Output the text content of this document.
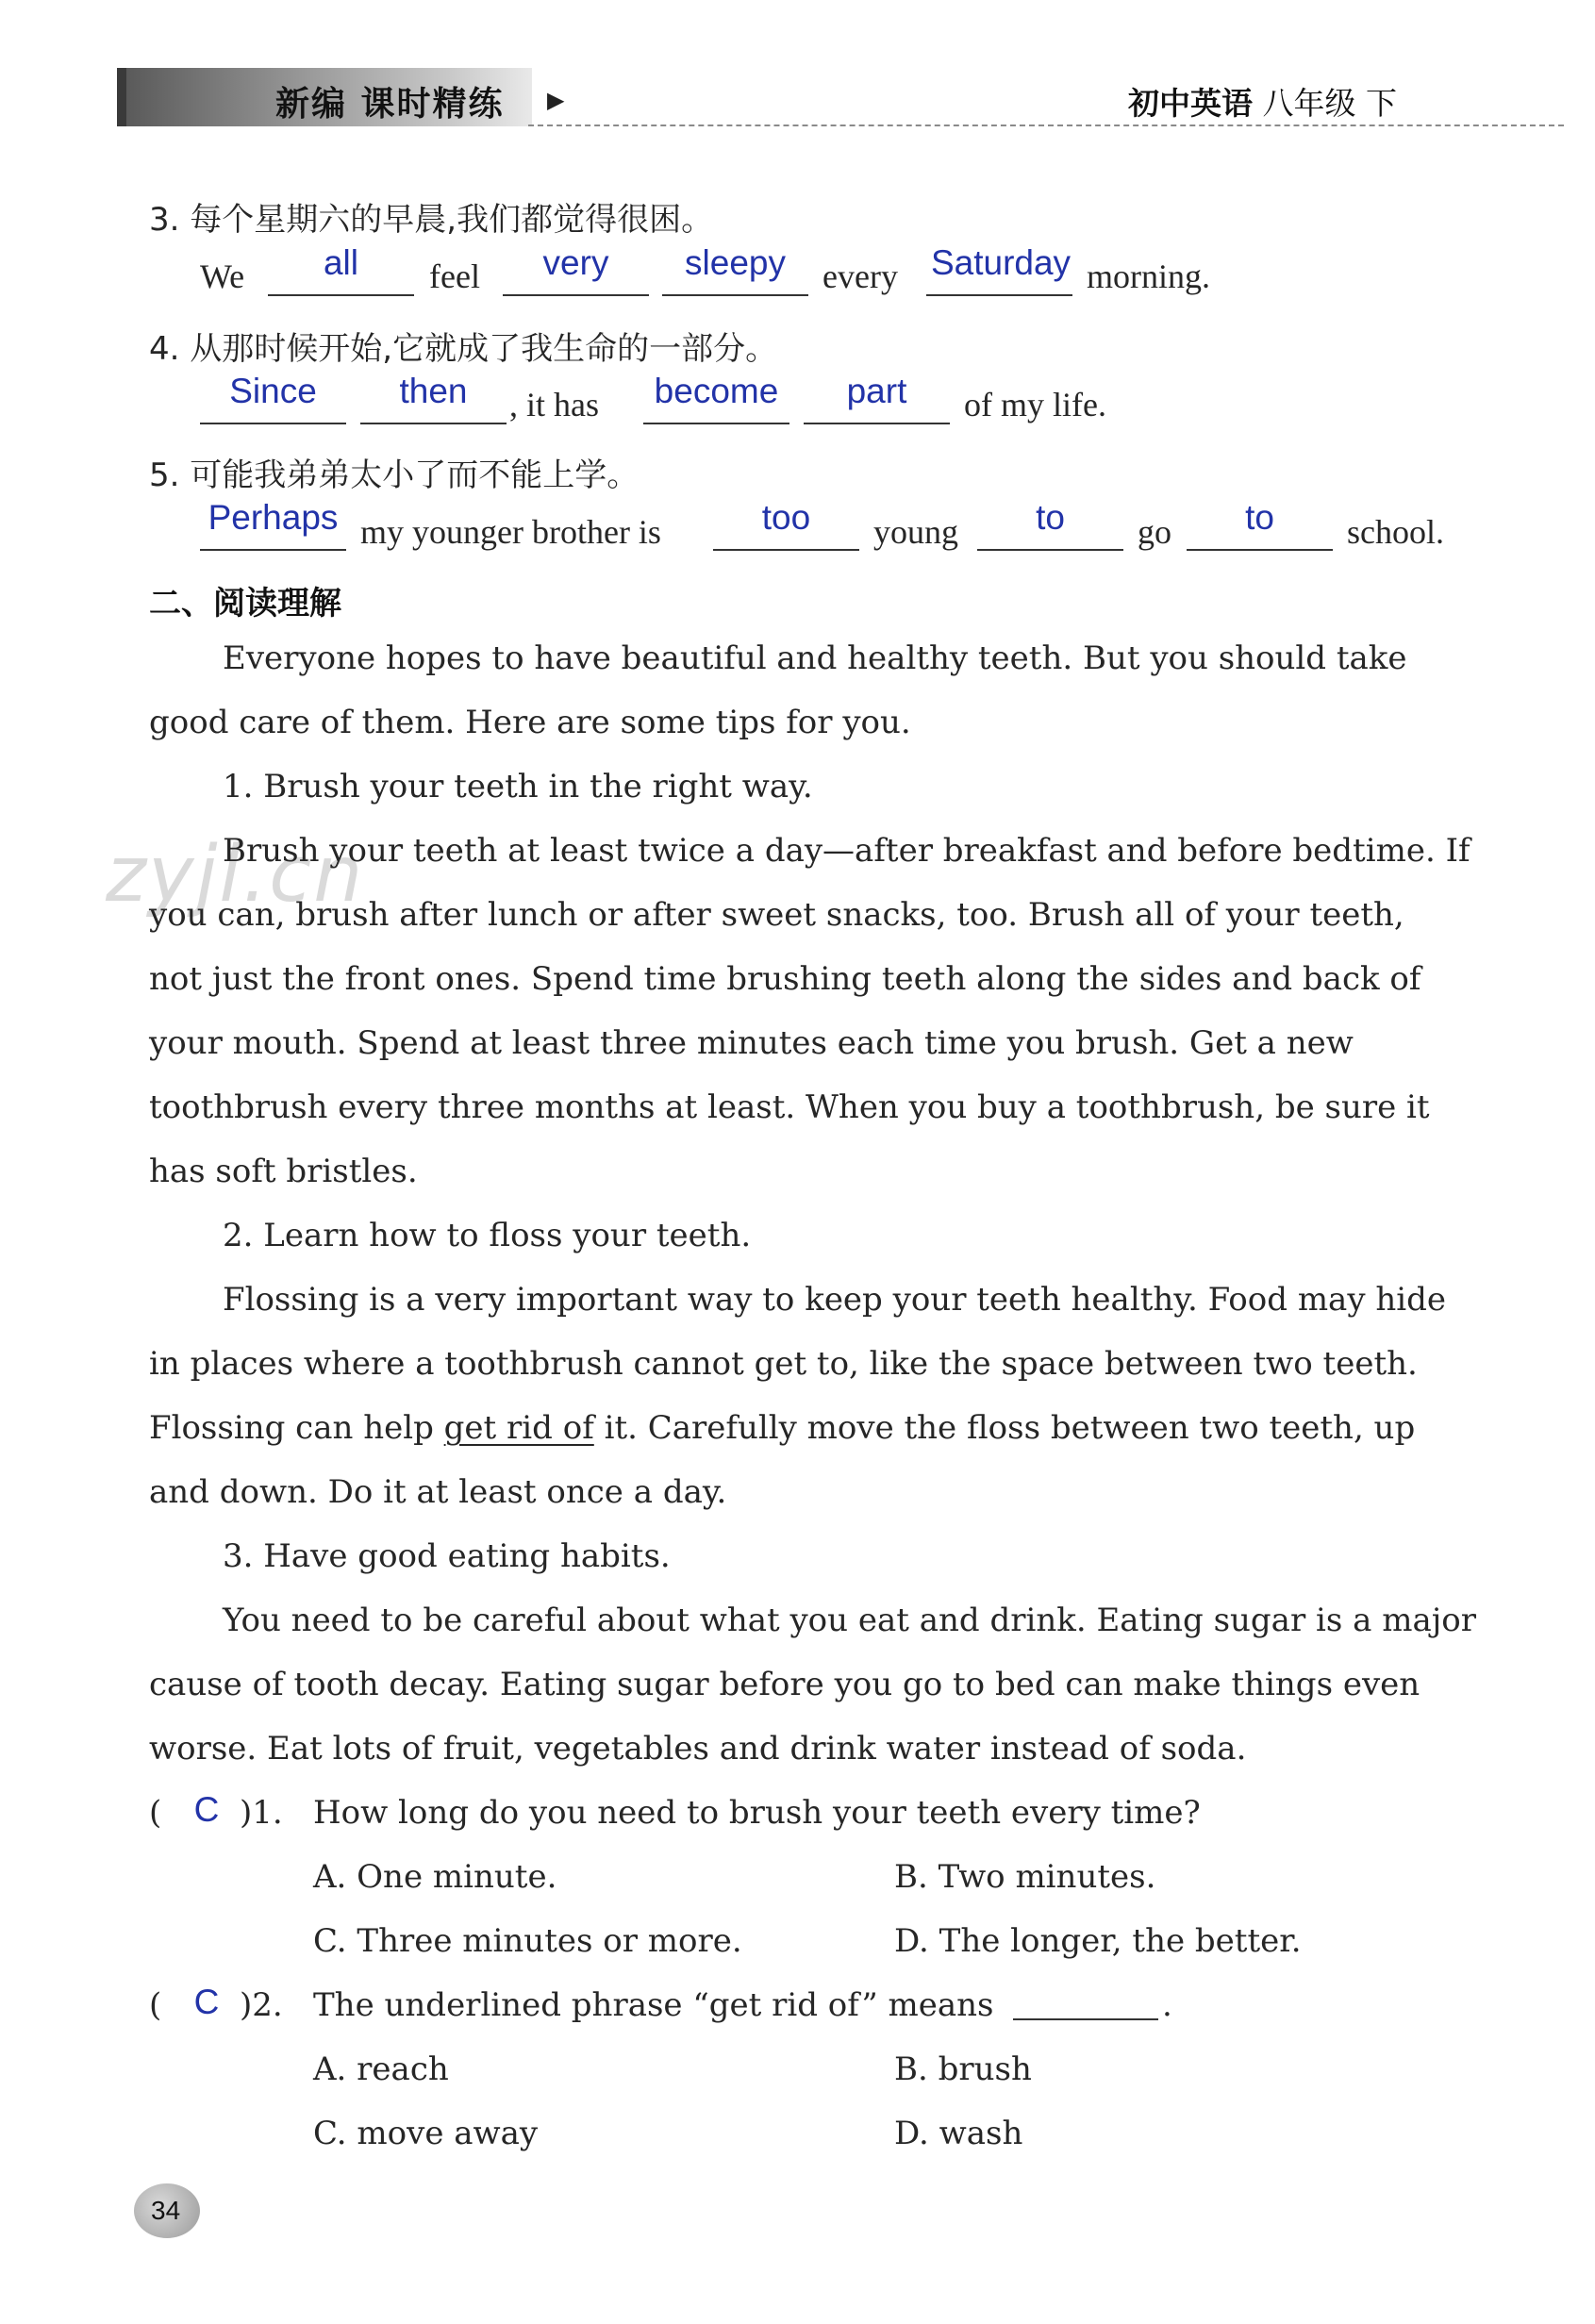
新编 课时精练 ▶	初中英语 八年级 下
zyjl.cn
3. 每个星期六的早晨,我们都觉得很困。
We	all	feel	very	sleepy	every Saturday morning.
4. 从那时候开始,它就成了我生命的一部分。
Since	then	, it has	become	part	of my life.
5. 可能我弟弟太小了而不能上学。
Perhaps my younger brother is	too	young	to	go	to	school.
二、阅读理解
Everyone hopes to have beautiful and healthy teeth. But you should take
good care of them. Here are some tips for you.
1. Brush your teeth in the right way.
Brush your teeth at least twice a day—after breakfast and before bedtime. If
you can, brush after lunch or after sweet snacks, too. Brush all of your teeth,
not just the front ones. Spend time brushing teeth along the sides and back of
your mouth. Spend at least three minutes each time you brush. Get a new
toothbrush every three months at least. When you buy a toothbrush, be sure it
has soft bristles.
2. Learn how to floss your teeth.
Flossing is a very important way to keep your teeth healthy. Food may hide
in places where a toothbrush cannot get to, like the space between two teeth.
Flossing can help get rid of it. Carefully move the floss between two teeth, up
and down. Do it at least once a day.
3. Have good eating habits.
You need to be careful about what you eat and drink. Eating sugar is a major
cause of tooth decay. Eating sugar before you go to bed can make things even
worse. Eat lots of fruit, vegetables and drink water instead of soda.
( C )1. How long do you need to brush your teeth every time?
A. One minute.	B. Two minutes.
C. Three minutes or more.	D. The longer, the better.
( C )2. The underlined phrase “get rid of” means	.
A. reach	B. brush
C. move away	D. wash
34
